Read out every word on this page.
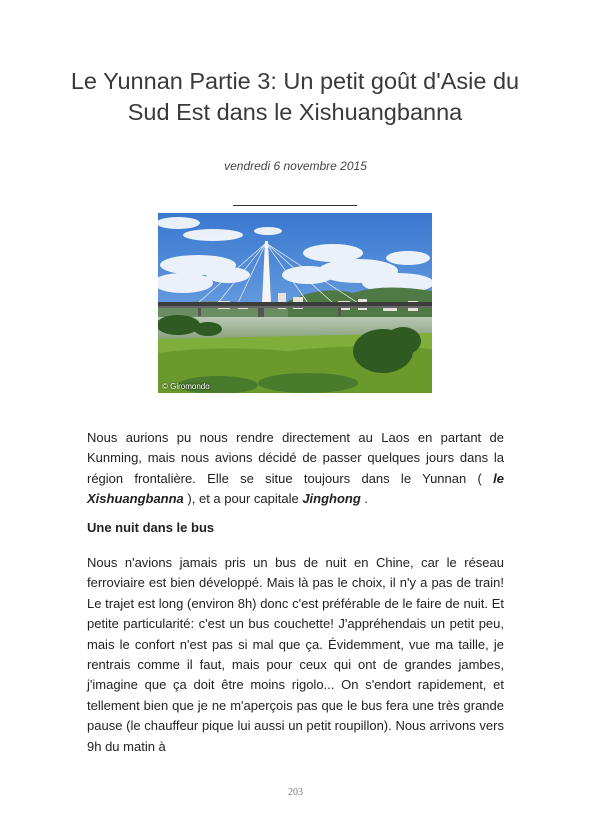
Le Yunnan Partie 3: Un petit goût d'Asie du Sud Est dans le Xishuangbanna
vendredi 6 novembre 2015
© Giromondo

Nous aurions pu nous rendre directement au Laos en partant de Kunming, mais nous avions décidé de passer quelques jours dans la région frontalière. Elle se situe toujours dans le Yunnan ( le Xishuangbanna ), et a pour capitale Jinghong .

Une nuit dans le bus

Nous n'avions jamais pris un bus de nuit en Chine, car le réseau ferroviaire est bien développé. Mais là pas le choix, il n'y a pas de train! Le trajet est long (environ 8h) donc c'est préférable de le faire de nuit. Et petite particularité: c'est un bus couchette! J'appréhendais un petit peu, mais le confort n'est pas si mal que ça. Évidemment, vue ma taille, je rentrais comme il faut, mais pour ceux qui ont de grandes jambes, j'imagine que ça doit être moins rigolo... On s'endort rapidement, et tellement bien que je ne m'aperçois pas que le bus fera une très grande pause (le chauffeur pique lui aussi un petit roupillon). Nous arrivons vers 9h du matin à

203
